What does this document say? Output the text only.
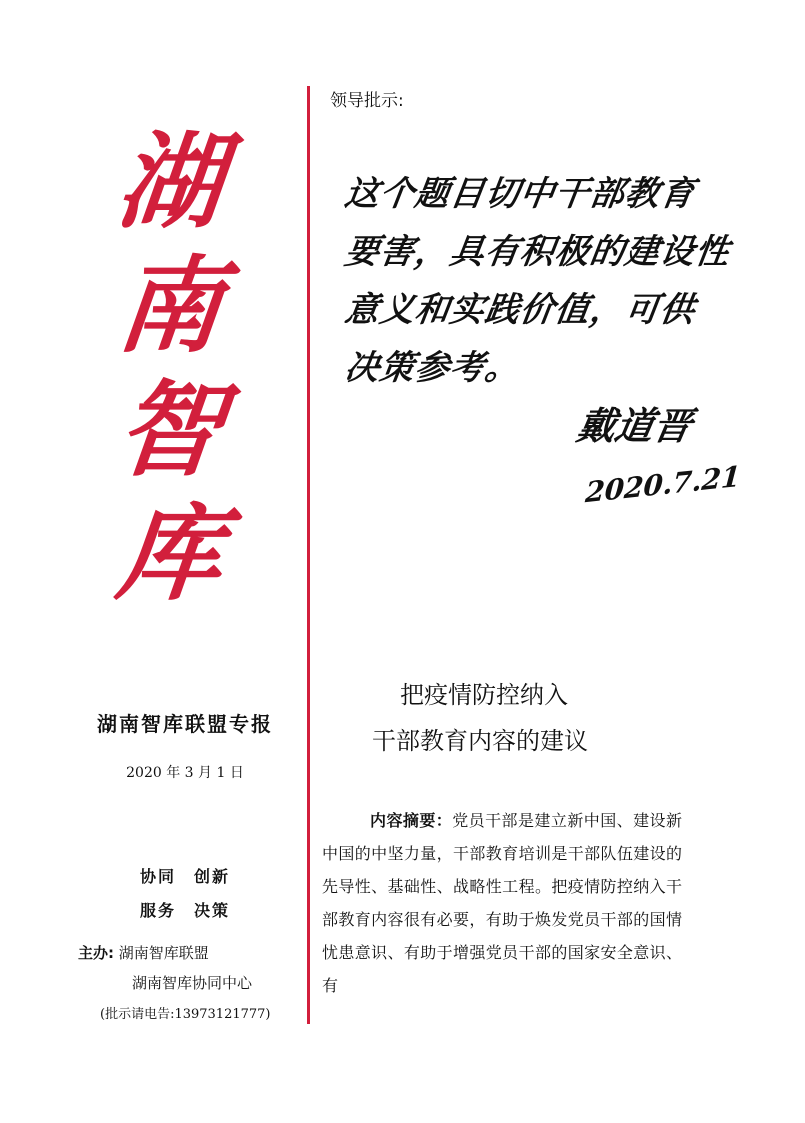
湖
南
智
库
湖南智库联盟专报
2020 年 3 月 1 日
协同　创新
服务　决策
主办: 湖南智库联盟
湖南智库协同中心
(批示请电告:13973121777)
领导批示:
这个题目切中干部教育
要害，具有积极的建设性
意义和实践价值，可供
决策参考。
戴道晋
2020.7.21
把疫情防控纳入
干部教育内容的建议
内容摘要：党员干部是建立新中国、建设新中国的中坚力量，干部教育培训是干部队伍建设的先导性、基础性、战略性工程。把疫情防控纳入干部教育内容很有必要，有助于焕发党员干部的国情忧患意识、有助于增强党员干部的国家安全意识、有
